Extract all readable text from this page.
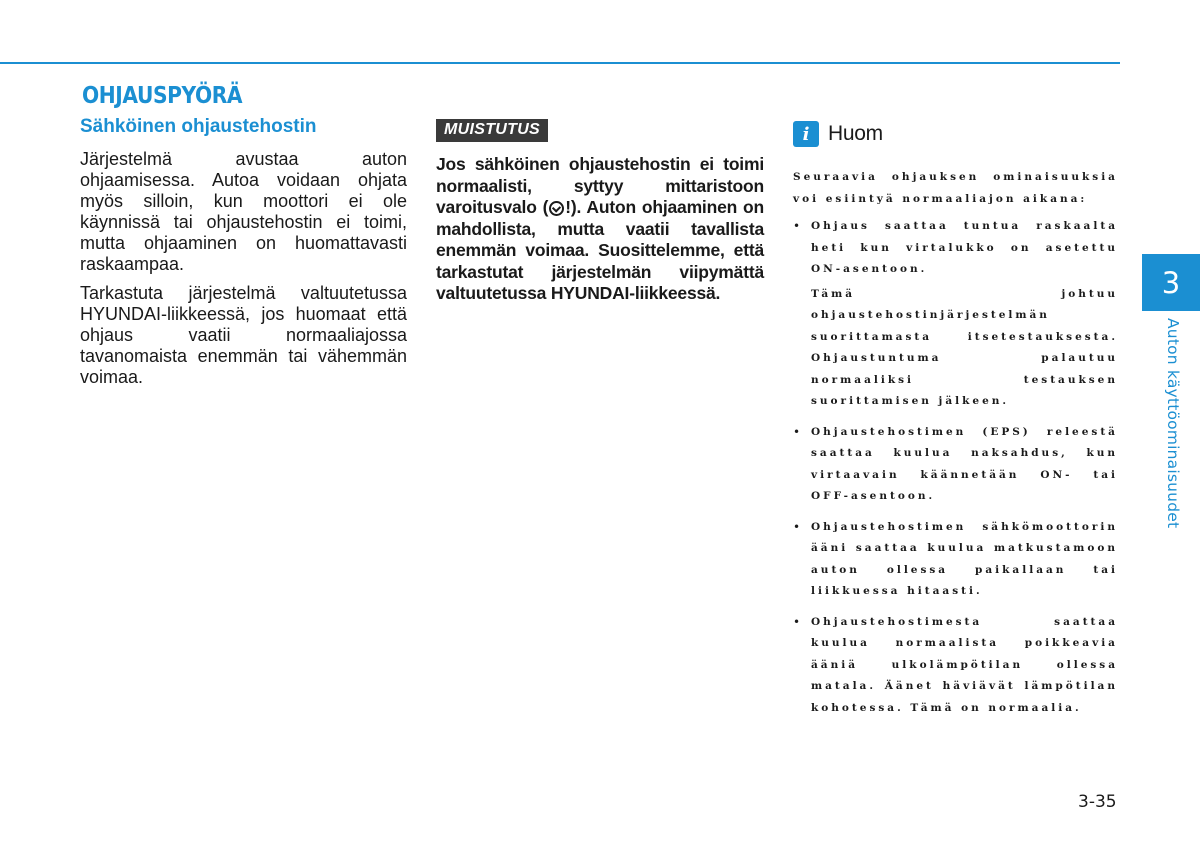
OHJAUSPYÖRÄ
Sähköinen ohjaustehostin

Järjestelmä avustaa auton ohjaamisessa. Autoa voidaan ohjata myös silloin, kun moottori ei ole käynnissä tai ohjaustehostin ei toimi, mutta ohjaaminen on huomattavasti raskaampaa.

Tarkastuta järjestelmä valtuutetussa HYUNDAI-liikkeessä, jos huomaat että ohjaus vaatii normaaliajossa tavanomaista enemmän tai vähemmän voimaa.

MUISTUTUS
Jos sähköinen ohjaustehostin ei toimi normaalisti, syttyy mittaristoon varoitusvalo ( !). Auton ohjaaminen on mahdollista, mutta vaatii tavallista enemmän voimaa. Suosittelemme, että tarkastutat järjestelmän viipymättä valtuutetussa HYUNDAI-liikkeessä.
i Huom

Seuraavia ohjauksen ominaisuuksia voi esiintyä normaaliajon aikana:

• Ohjaus saattaa tuntua raskaalta heti kun virtalukko on asetettu ON-asentoon.
Tämä johtuu ohjaustehostinjärjestelmän suorittamasta itsetestauksesta. Ohjaustuntuma palautuu normaaliksi testauksen suorittamisen jälkeen.
• Ohjaustehostimen (EPS) releestä saattaa kuulua naksahdus, kun virtaavain käännetään ON- tai OFF-asentoon.
• Ohjaustehostimen sähkömoottorin ääni saattaa kuulua matkustamoon auton ollessa paikallaan tai liikkuessa hitaasti.
• Ohjaustehostimesta saattaa kuulua normaalista poikkeavia ääniä ulkolämpötilan ollessa matala. Äänet häviävät lämpötilan kohotessa. Tämä on normaalia.
3
Auton käyttöominaisuudet
3-35
